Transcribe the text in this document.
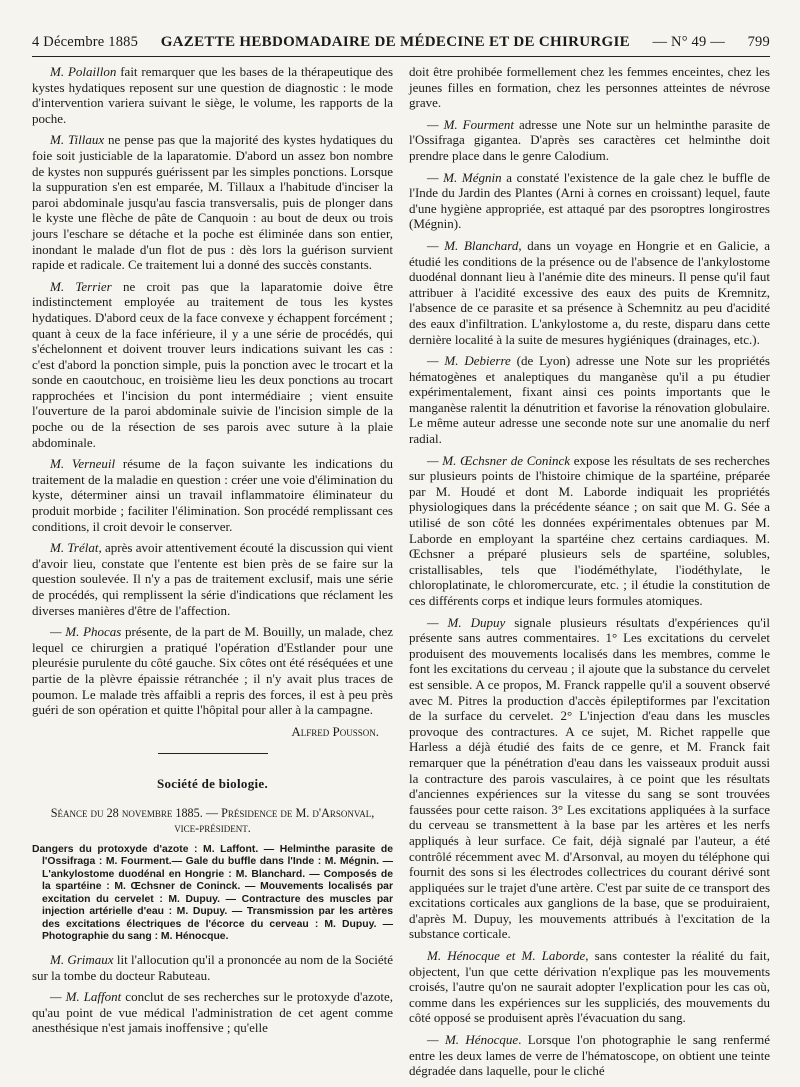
4 Décembre 1885 GAZETTE HEBDOMADAIRE DE MÉDECINE ET DE CHIRURGIE — N° 49 — 799

M. Polaillon fait remarquer que les bases de la thérapeutique des kystes hydatiques reposent sur une question de diagnostic : le mode d'intervention variera suivant le siège, le volume, les rapports de la poche.

M. Tillaux ne pense pas que la majorité des kystes hydatiques du foie soit justiciable de la laparatomie. D'abord un assez bon nombre de kystes non suppurés guérissent par les simples ponctions. Lorsque la suppuration s'en est emparée, M. Tillaux a l'habitude d'inciser la paroi abdominale jusqu'au fascia transversalis, puis de plonger dans le kyste une flèche de pâte de Canquoin : au bout de deux ou trois jours l'eschare se détache et la poche est éliminée dans son entier, inondant le malade d'un flot de pus : dès lors la guérison survient rapide et radicale. Ce traitement lui a donné des succès constants.

M. Terrier ne croit pas que la laparatomie doive être indistinctement employée au traitement de tous les kystes hydatiques. D'abord ceux de la face convexe y échappent forcément ; quant à ceux de la face inférieure, il y a une série de procédés, qui s'échelonnent et doivent trouver leurs indications suivant les cas : c'est d'abord la ponction simple, puis la ponction avec le trocart et la sonde en caoutchouc, en troisième lieu les deux ponctions au trocart rapprochées et l'incision du pont intermédiaire ; vient ensuite l'ouverture de la paroi abdominale suivie de l'incision simple de la poche ou de la résection de ses parois avec suture à la plaie abdominale.

M. Verneuil résume de la façon suivante les indications du traitement de la maladie en question : créer une voie d'élimination du kyste, déterminer ainsi un travail inflammatoire éliminateur du produit morbide ; faciliter l'élimination. Son procédé remplissant ces conditions, il croit devoir le conserver.

M. Trélat, après avoir attentivement écouté la discussion qui vient d'avoir lieu, constate que l'entente est bien près de se faire sur la question soulevée. Il n'y a pas de traitement exclusif, mais une série de procédés, qui remplissent la série d'indications que réclament les diverses manières d'être de l'affection.

— M. Phocas présente, de la part de M. Bouilly, un malade, chez lequel ce chirurgien a pratiqué l'opération d'Estlander pour une pleurésie purulente du côté gauche. Six côtes ont été réséquées et une partie de la plèvre épaissie rétranchée ; il n'y avait plus traces de poumon. Le malade très affaibli a repris des forces, il est à peu près guéri de son opération et quitte l'hôpital pour aller à la campagne.

Alfred Pousson.
Société de biologie.
Séance du 28 novembre 1885. — Présidence de M. d'Arsonval, vice-président.
Dangers du protoxyde d'azote : M. Laffont. — Helminthe parasite de l'Ossifraga : M. Fourment.— Gale du buffle dans l'Inde : M. Mégnin. — L'ankylostome duodénal en Hongrie : M. Blanchard. — Composés de la spartéine : M. Œchsner de Coninck. — Mouvements localisés par excitation du cervelet : M. Dupuy. — Contracture des muscles par injection artérielle d'eau : M. Dupuy. — Transmission par les artères des excitations électriques de l'écorce du cerveau : M. Dupuy. — Photographie du sang : M. Hénocque.

M. Grimaux lit l'allocution qu'il a prononcée au nom de la Société sur la tombe du docteur Rabuteau.

— M. Laffont conclut de ses recherches sur le protoxyde d'azote, qu'au point de vue médical l'administration de cet agent comme anesthésique n'est jamais inoffensive ; qu'elle

doit être prohibée formellement chez les femmes enceintes, chez les jeunes filles en formation, chez les personnes atteintes de névrose grave.

— M. Fourment adresse une Note sur un helminthe parasite de l'Ossifraga gigantea. D'après ses caractères cet helminthe doit prendre place dans le genre Calodium.

— M. Mégnin a constaté l'existence de la gale chez le buffle de l'Inde du Jardin des Plantes (Arni à cornes en croissant) lequel, faute d'une hygiène appropriée, est attaqué par des psoroptres longirostres (Mégnin).

— M. Blanchard, dans un voyage en Hongrie et en Galicie, a étudié les conditions de la présence ou de l'absence de l'ankylostome duodénal donnant lieu à l'anémie dite des mineurs. Il pense qu'il faut attribuer à l'acidité excessive des eaux des puits de Kremnitz, l'absence de ce parasite et sa présence à Schemnitz au peu d'acidité des eaux d'infiltration. L'ankylostome a, du reste, disparu dans cette dernière localité à la suite de mesures hygiéniques (drainages, etc.).

— M. Debierre (de Lyon) adresse une Note sur les propriétés hématogènes et analeptiques du manganèse qu'il a pu étudier expérimentalement, fixant ainsi ces points importants que le manganèse ralentit la dénutrition et favorise la rénovation globulaire. Le même auteur adresse une seconde note sur une anomalie du nerf radial.

— M. Œchsner de Coninck expose les résultats de ses recherches sur plusieurs points de l'histoire chimique de la spartéine, préparée par M. Houdé et dont M. Laborde indiquait les propriétés physiologiques dans la précédente séance ; on sait que M. G. Sée a utilisé de son côté les données expérimentales obtenues par M. Laborde en employant la spartéine chez certains cardiaques. M. Œchsner a préparé plusieurs sels de spartéine, solubles, cristallisables, tels que l'iodéméthylate, l'iodéthylate, le chloroplatinate, le chloromercurate, etc. ; il étudie la constitution de ces différents corps et indique leurs formules atomiques.

— M. Dupuy signale plusieurs résultats d'expériences qu'il présente sans autres commentaires. 1° Les excitations du cervelet produisent des mouvements localisés dans les membres, comme le font les excitations du cerveau ; il ajoute que la substance du cervelet est sensible. A ce propos, M. Franck rappelle qu'il a souvent observé avec M. Pitres la production d'accès épileptiformes par l'excitation de la surface du cervelet. 2° L'injection d'eau dans les muscles provoque des contractures. A ce sujet, M. Richet rappelle que Harless a déjà étudié des faits de ce genre, et M. Franck fait remarquer que la pénétration d'eau dans les vaisseaux produit aussi la contracture des parois vasculaires, à ce point que les résultats d'anciennes expériences sur la vitesse du sang se sont trouvées faussées pour cette raison. 3° Les excitations appliquées à la surface du cerveau se transmettent à la base par les artères et les nerfs appliqués à leur surface. Ce fait, déjà signalé par l'auteur, a été contrôlé récemment avec M. d'Arsonval, au moyen du téléphone qui fournit des sons si les électrodes collectrices du courant dérivé sont appliquées sur le trajet d'une artère. C'est par suite de ce transport des excitations corticales aux ganglions de la base, que se produiraient, d'après M. Dupuy, les mouvements attribués à l'excitation de la substance corticale.

M. Hénocque et M. Laborde, sans contester la réalité du fait, objectent, l'un que cette dérivation n'explique pas les mouvements croisés, l'autre qu'on ne saurait adopter l'explication pour les cas où, comme dans les expériences sur les suppliciés, des mouvements du côté opposé se produisent après l'évacuation du sang.

— M. Hénocque. Lorsque l'on photographie le sang renfermé entre les deux lames de verre de l'hématoscope, on obtient une teinte dégradée dans laquelle, pour le cliché
